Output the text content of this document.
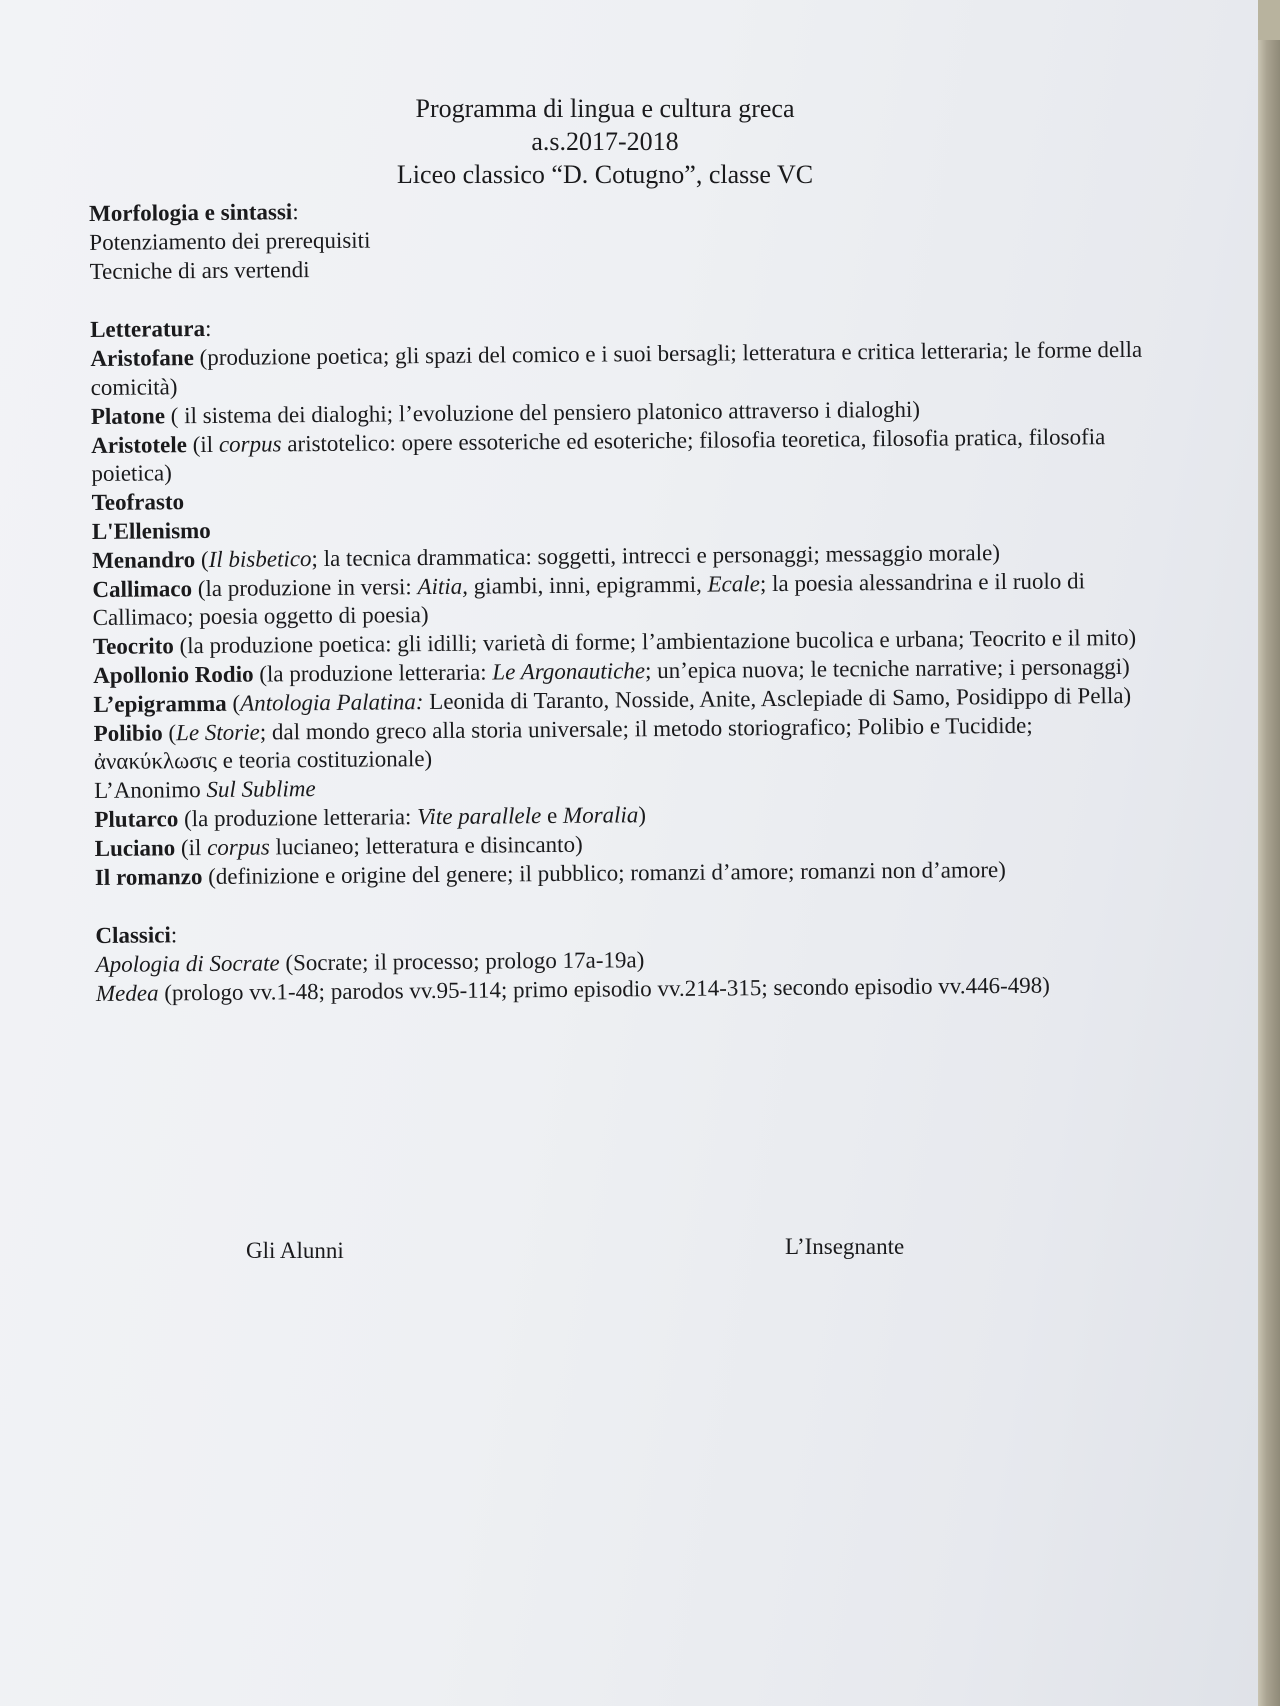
Programma di lingua e cultura greca
a.s.2017-2018
Liceo classico “D. Cotugno”, classe VC
Morfologia e sintassi:
Potenziamento dei prerequisiti
Tecniche di ars vertendi
Letteratura:
Aristofane (produzione poetica; gli spazi del comico e i suoi bersagli; letteratura e critica letteraria; le forme della comicità)
Platone ( il sistema dei dialoghi; l’evoluzione del pensiero platonico attraverso i dialoghi)
Aristotele (il corpus aristotelico: opere essoteriche ed esoteriche; filosofia teoretica, filosofia pratica, filosofia poietica)
Teofrasto
L'Ellenismo
Menandro (Il bisbetico; la tecnica drammatica: soggetti, intrecci e personaggi; messaggio morale)
Callimaco (la produzione in versi: Aitia, giambi, inni, epigrammi, Ecale; la poesia alessandrina e il ruolo di Callimaco; poesia oggetto di poesia)
Teocrito (la produzione poetica: gli idilli; varietà di forme; l’ambientazione bucolica e urbana; Teocrito e il mito)
Apollonio Rodio (la produzione letteraria: Le Argonautiche; un’epica nuova; le tecniche narrative; i personaggi)
L’epigramma (Antologia Palatina: Leonida di Taranto, Nosside, Anite, Asclepiade di Samo, Posidippo di Pella)
Polibio (Le Storie; dal mondo greco alla storia universale; il metodo storiografico; Polibio e Tucidide; ἀνακύκλωσις e teoria costituzionale)
L’Anonimo Sul Sublime
Plutarco (la produzione letteraria: Vite parallele e Moralia)
Luciano (il corpus lucianeo; letteratura e disincanto)
Il romanzo (definizione e origine del genere; il pubblico; romanzi d’amore; romanzi non d’amore)
Classici:
Apologia di Socrate (Socrate; il processo; prologo 17a-19a)
Medea (prologo vv.1-48; parodos vv.95-114; primo episodio vv.214-315; secondo episodio vv.446-498)
Gli Alunni	L’Insegnante
